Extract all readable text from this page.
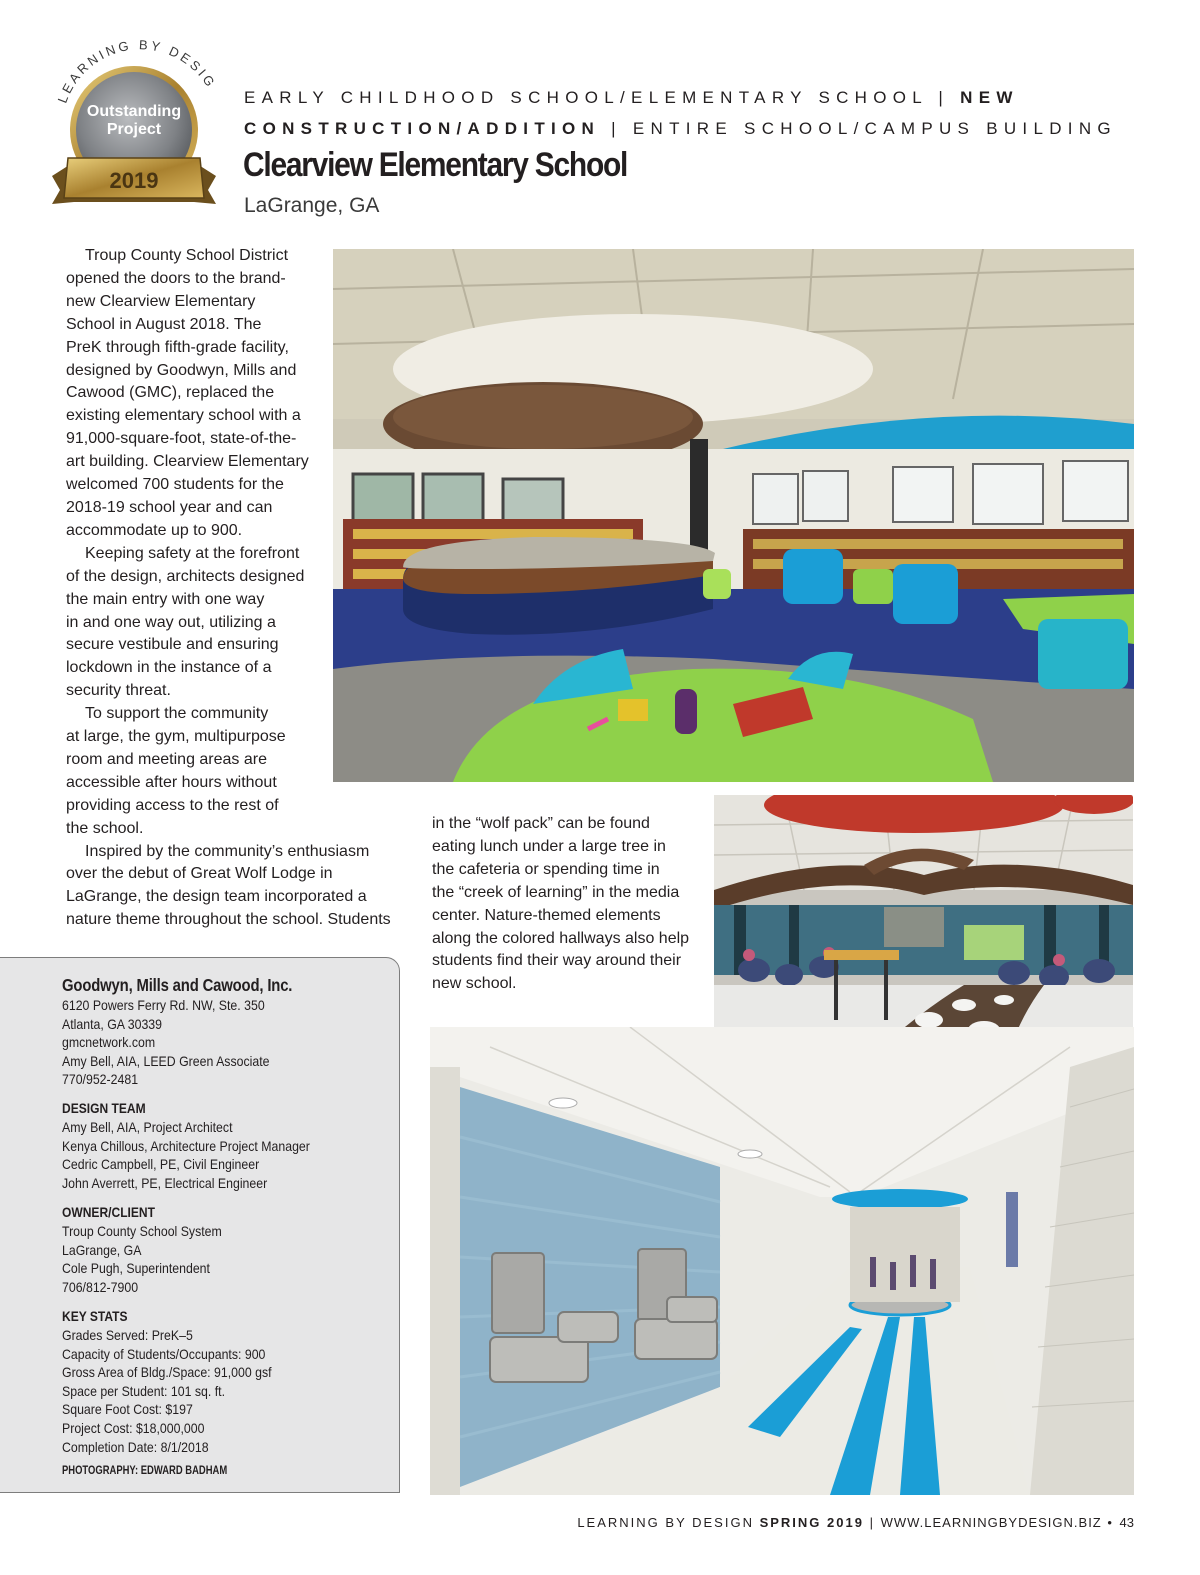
LEARNING BY DESIG
Outstanding
Project
2019
EARLY CHILDHOOD SCHOOL/ELEMENTARY SCHOOL | NEW
CONSTRUCTION/ADDITION | ENTIRE SCHOOL/CAMPUS BUILDING
Clearview Elementary School
LaGrange, GA
Troup County School District
opened the doors to the brand-
new Clearview Elementary
School in August 2018. The
PreK through fifth-grade facility,
designed by Goodwyn, Mills and
Cawood (GMC), replaced the
existing elementary school with a
91,000-square-foot, state-of-the-
art building. Clearview Elementary
welcomed 700 students for the
2018-19 school year and can
accommodate up to 900.
Keeping safety at the forefront
of the design, architects designed
the main entry with one way
in and one way out, utilizing a
secure vestibule and ensuring
lockdown in the instance of a
security threat.
To support the community
at large, the gym, multipurpose
room and meeting areas are
accessible after hours without
providing access to the rest of
the school.
Inspired by the community’s enthusiasm
over the debut of Great Wolf Lodge in
LaGrange, the design team incorporated a
nature theme throughout the school. Students
in the “wolf pack” can be found
eating lunch under a large tree in
the cafeteria or spending time in
the “creek of learning” in the media
center. Nature-themed elements
along the colored hallways also help
students find their way around their
new school.
Goodwyn, Mills and Cawood, Inc.
6120 Powers Ferry Rd. NW, Ste. 350
Atlanta, GA 30339
gmcnetwork.com
Amy Bell, AIA, LEED Green Associate
770/952-2481
DESIGN TEAM
Amy Bell, AIA, Project Architect
Kenya Chillous, Architecture Project Manager
Cedric Campbell, PE, Civil Engineer
John Averrett, PE, Electrical Engineer
OWNER/CLIENT
Troup County School System
LaGrange, GA
Cole Pugh, Superintendent
706/812-7900
KEY STATS
Grades Served: PreK–5
Capacity of Students/Occupants: 900
Gross Area of Bldg./Space: 91,000 gsf
Space per Student: 101 sq. ft.
Square Foot Cost: $197
Project Cost: $18,000,000
Completion Date: 8/1/2018
PHOTOGRAPHY: EDWARD BADHAM
LEARNING BY DESIGN SPRING 2019 | WWW.LEARNINGBYDESIGN.BIZ • 43
